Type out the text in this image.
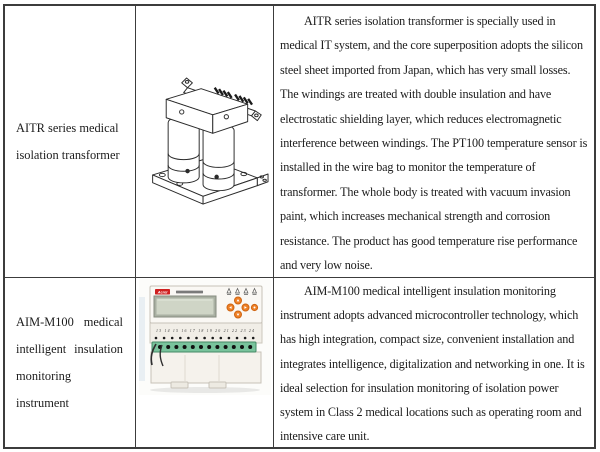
AITR series medical isolation transformer

AITR series isolation transformer is specially used in medical IT system, and the core superposition adopts the silicon steel sheet imported from Japan, which has very small losses. The windings are treated with double insulation and have electrostatic shielding layer, which reduces electromagnetic interference between windings. The PT100 temperature sensor is installed in the wire bag to monitor the temperature of transformer. The whole body is treated with vacuum invasion paint, which increases mechanical strength and corrosion resistance. The product has good temperature rise performance and very low noise.

AIM-M100 medical intelligent insulation monitoring instrument

13 14 15 16 17 18 19 20 21 22 23 24
Acrel	AIM-M100 medical intelligent insulation monitoring instrument adopts advanced microcontroller technology, which has high integration, compact size, convenient installation and integrates intelligence, digitalization and networking in one. It is ideal selection for insulation monitoring of isolation power system in Class 2 medical locations such as operating room and intensive care unit.
